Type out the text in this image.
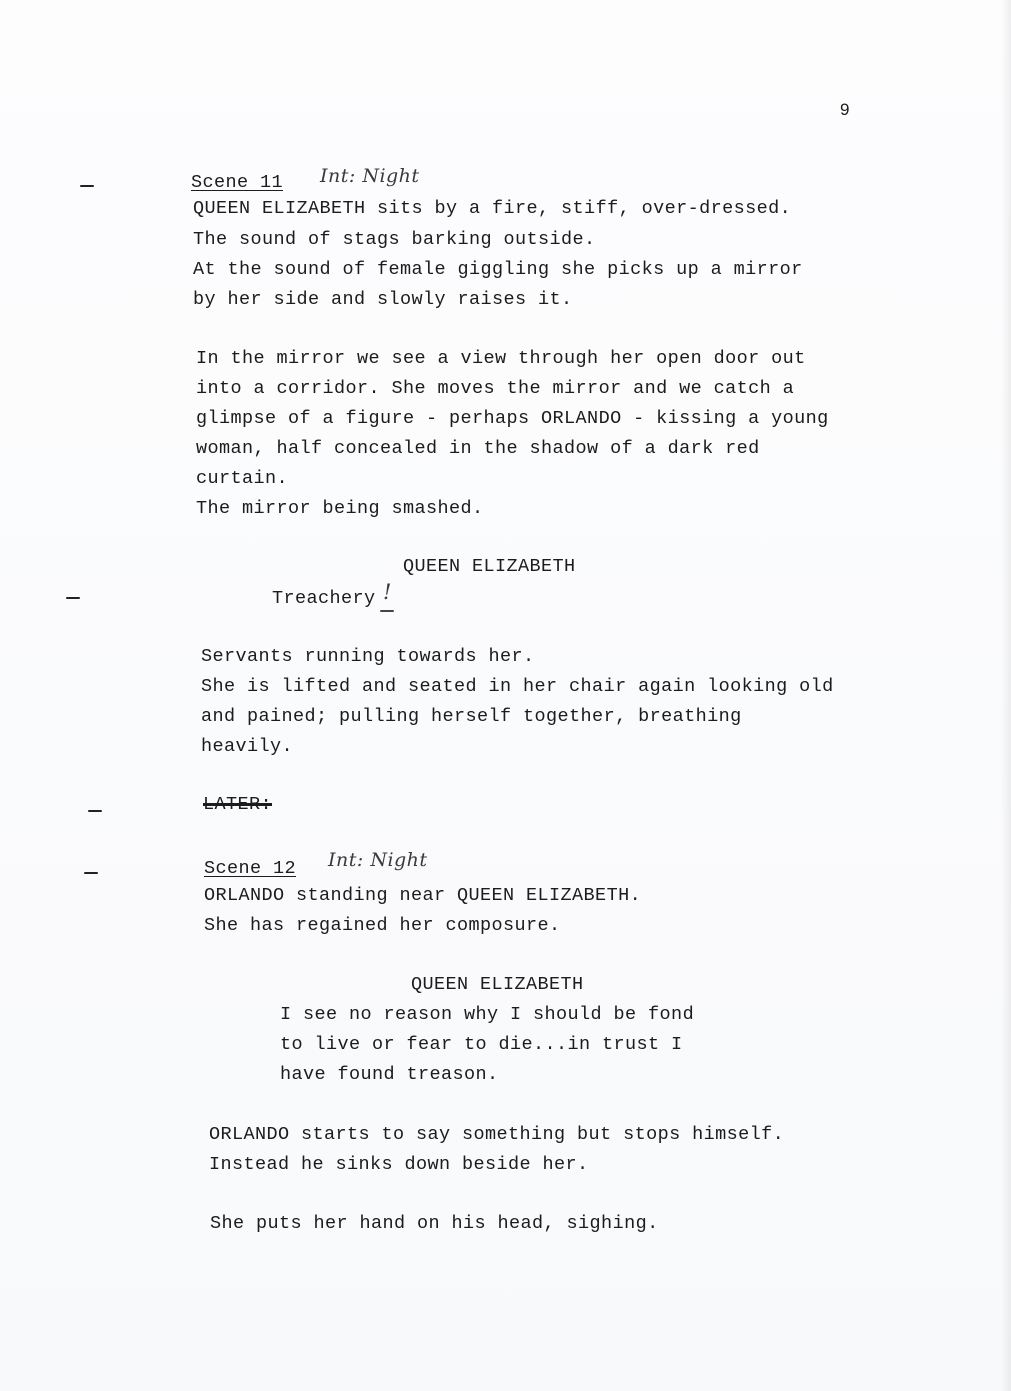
9
Scene 11 Int: Night
QUEEN ELIZABETH sits by a fire, stiff, over-dressed.
The sound of stags barking outside.
At the sound of female giggling she picks up a mirror
by her side and slowly raises it.
In the mirror we see a view through her open door out
into a corridor. She moves the mirror and we catch a
glimpse of a figure - perhaps ORLANDO - kissing a young
woman, half concealed in the shadow of a dark red
curtain.
The mirror being smashed.
QUEEN ELIZABETH
Treachery !
Servants running towards her.
She is lifted and seated in her chair again looking old
and pained; pulling herself together, breathing
heavily.
LATER:
Scene 12 Int: Night
ORLANDO standing near QUEEN ELIZABETH.
She has regained her composure.
QUEEN ELIZABETH
I see no reason why I should be fond
to live or fear to die...in trust I
have found treason.
ORLANDO starts to say something but stops himself.
Instead he sinks down beside her.
She puts her hand on his head, sighing.
